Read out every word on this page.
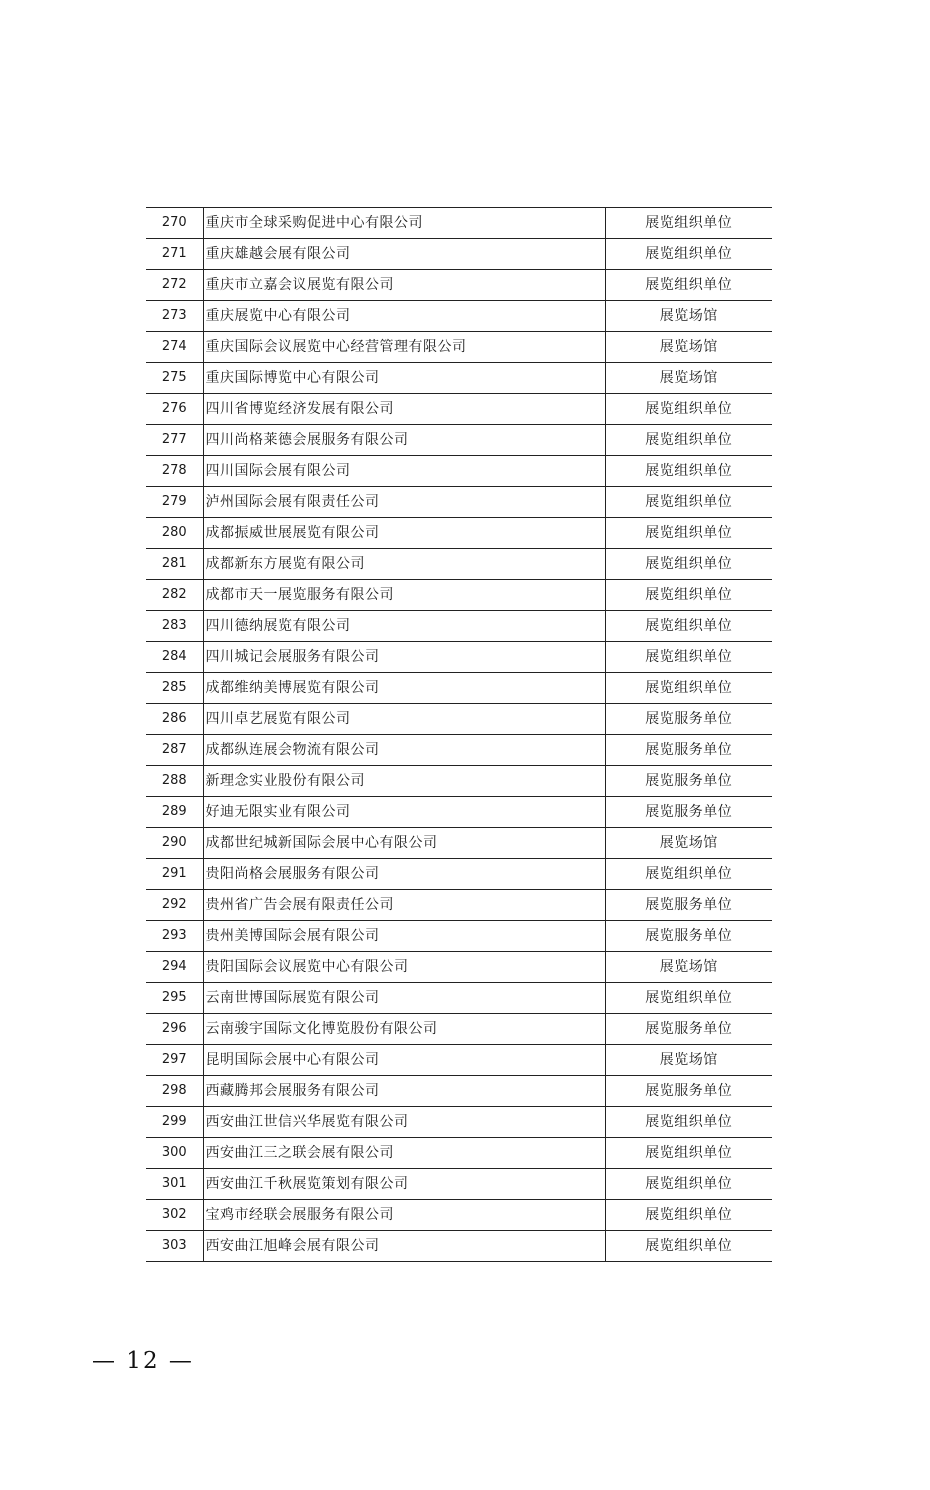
270	重庆市全球采购促进中心有限公司	展览组织单位
271	重庆雄越会展有限公司	展览组织单位
272	重庆市立嘉会议展览有限公司	展览组织单位
273	重庆展览中心有限公司	展览场馆
274	重庆国际会议展览中心经营管理有限公司	展览场馆
275	重庆国际博览中心有限公司	展览场馆
276	四川省博览经济发展有限公司	展览组织单位
277	四川尚格莱德会展服务有限公司	展览组织单位
278	四川国际会展有限公司	展览组织单位
279	泸州国际会展有限责任公司	展览组织单位
280	成都振威世展展览有限公司	展览组织单位
281	成都新东方展览有限公司	展览组织单位
282	成都市天一展览服务有限公司	展览组织单位
283	四川德纳展览有限公司	展览组织单位
284	四川城记会展服务有限公司	展览组织单位
285	成都维纳美博展览有限公司	展览组织单位
286	四川卓艺展览有限公司	展览服务单位
287	成都纵连展会物流有限公司	展览服务单位
288	新理念实业股份有限公司	展览服务单位
289	好迪无限实业有限公司	展览服务单位
290	成都世纪城新国际会展中心有限公司	展览场馆
291	贵阳尚格会展服务有限公司	展览组织单位
292	贵州省广告会展有限责任公司	展览服务单位
293	贵州美博国际会展有限公司	展览服务单位
294	贵阳国际会议展览中心有限公司	展览场馆
295	云南世博国际展览有限公司	展览组织单位
296	云南骏宇国际文化博览股份有限公司	展览服务单位
297	昆明国际会展中心有限公司	展览场馆
298	西藏腾邦会展服务有限公司	展览服务单位
299	西安曲江世信兴华展览有限公司	展览组织单位
300	西安曲江三之联会展有限公司	展览组织单位
301	西安曲江千秋展览策划有限公司	展览组织单位
302	宝鸡市经联会展服务有限公司	展览组织单位
303	西安曲江旭峰会展有限公司	展览组织单位
— 12 —
